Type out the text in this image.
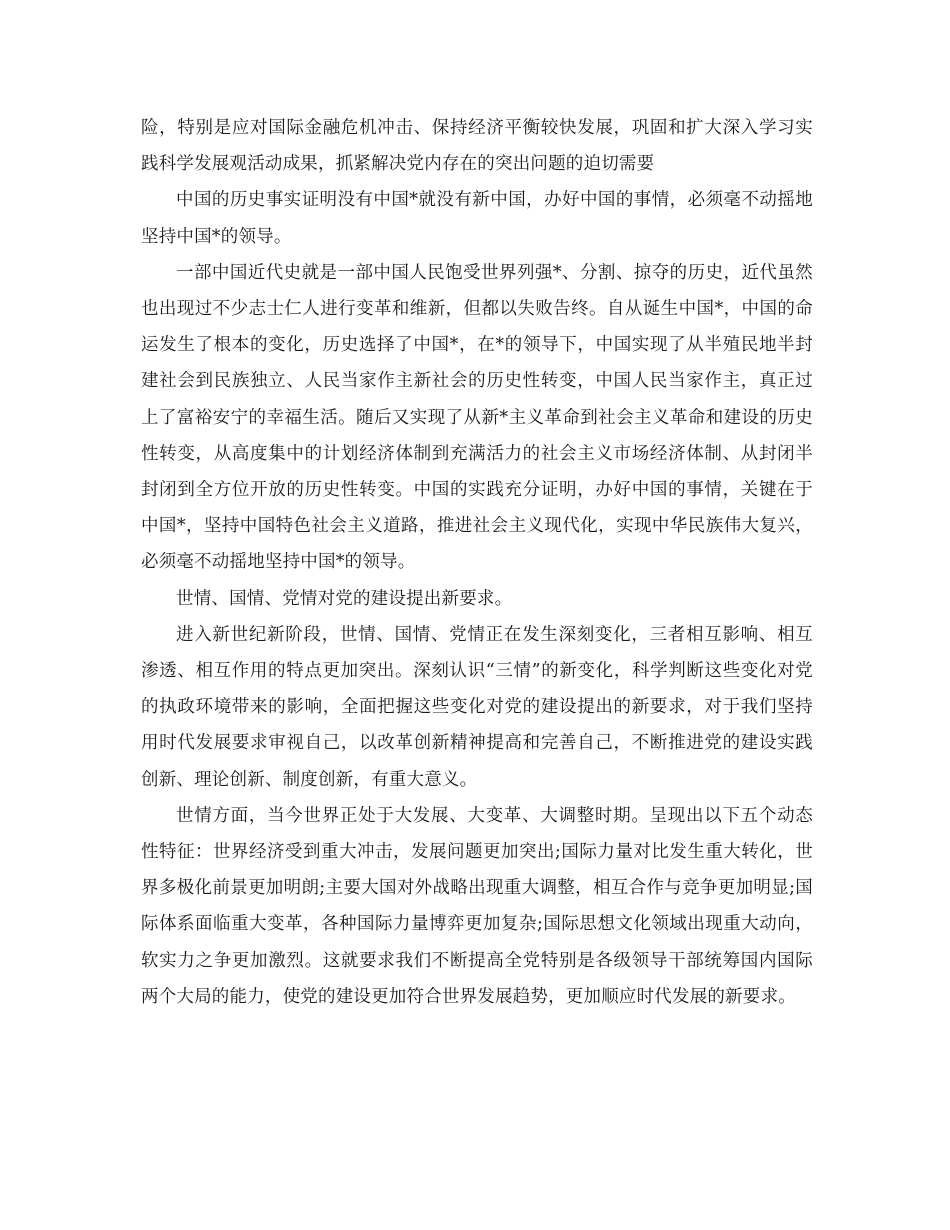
险，特别是应对国际金融危机冲击、保持经济平衡较快发展，巩固和扩大深入学习实践科学发展观活动成果，抓紧解决党内存在的突出问题的迫切需要

中国的历史事实证明没有中国*就没有新中国，办好中国的事情，必须毫不动摇地坚持中国*的领导。

一部中国近代史就是一部中国人民饱受世界列强*、分割、掠夺的历史，近代虽然也出现过不少志士仁人进行变革和维新，但都以失败告终。自从诞生中国*，中国的命运发生了根本的变化，历史选择了中国*，在*的领导下，中国实现了从半殖民地半封建社会到民族独立、人民当家作主新社会的历史性转变，中国人民当家作主，真正过上了富裕安宁的幸福生活。随后又实现了从新*主义革命到社会主义革命和建设的历史性转变，从高度集中的计划经济体制到充满活力的社会主义市场经济体制、从封闭半封闭到全方位开放的历史性转变。中国的实践充分证明，办好中国的事情，关键在于中国*，坚持中国特色社会主义道路，推进社会主义现代化，实现中华民族伟大复兴，必须毫不动摇地坚持中国*的领导。

世情、国情、党情对党的建设提出新要求。

进入新世纪新阶段，世情、国情、党情正在发生深刻变化，三者相互影响、相互渗透、相互作用的特点更加突出。深刻认识“三情”的新变化，科学判断这些变化对党的执政环境带来的影响，全面把握这些变化对党的建设提出的新要求，对于我们坚持用时代发展要求审视自己，以改革创新精神提高和完善自己，不断推进党的建设实践创新、理论创新、制度创新，有重大意义。

世情方面，当今世界正处于大发展、大变革、大调整时期。呈现出以下五个动态性特征：世界经济受到重大冲击，发展问题更加突出;国际力量对比发生重大转化，世界多极化前景更加明朗;主要大国对外战略出现重大调整，相互合作与竞争更加明显;国际体系面临重大变革，各种国际力量博弈更加复杂;国际思想文化领域出现重大动向，软实力之争更加激烈。这就要求我们不断提高全党特别是各级领导干部统筹国内国际两个大局的能力，使党的建设更加符合世界发展趋势，更加顺应时代发展的新要求。
